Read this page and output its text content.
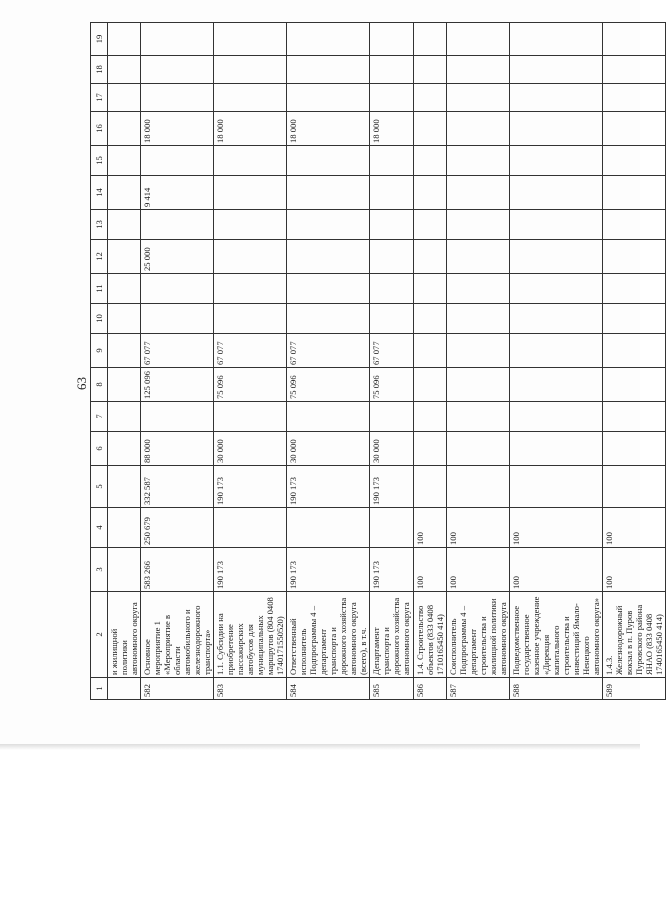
63
1	2	3	4	5	6	7	8	9	10	11	12	13	14	15	16	17	18	19
	и жилищной политики автономного округа																	
582	Основное мероприятие 1 «Мероприятие в области автомобильного и железнодорожного транспорта»	583 266	250 679	332 587	88 000		125 096	67 077			25 000		9 414		18 000			
583	1.1. Субсидии на приобретение пассажирских автобусов для муниципальных маршрутов (804 0408 1740171550520)	190 173		190 173	30 000		75 096	67 077							18 000			
584	Ответственный исполнитель Подпрограммы 4 – департамент транспорта и дорожного хозяйства автономного округа (всего), в т.ч.	190 173		190 173	30 000		75 096	67 077							18 000			
585	Департамент транспорта и дорожного хозяйства автономного округа	190 173		190 173	30 000		75 096	67 077							18 000			
586	1.4. Строительство объектов (833 0408 1710165450 414)	100	100															
587	Соисполнитель Подпрограммы 4 – департамент строительства и жилищной политики автономного округа	100	100															
588	Подведомственное государственное казенное учреждение «Дирекция капитального строительства и инвестиций Ямало-Ненецкого автономного округа»	100	100															
589	1.4.3. Железнодорожный вокзал в п. Пуров Пуровского района ЯНАО (833 0408 1740165450 414)	100	100															
